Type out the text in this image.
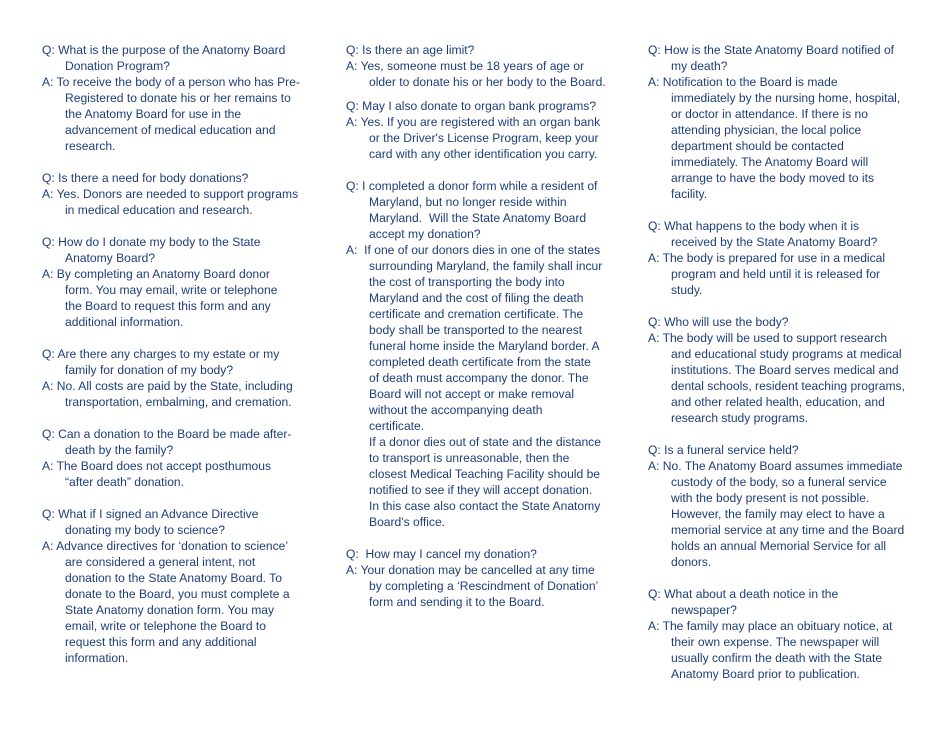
Q: What is the purpose of the Anatomy Board
Donation Program?
A: To receive the body of a person who has Pre-
Registered to donate his or her remains to
the Anatomy Board for use in the
advancement of medical education and
research.
Q: Is there a need for body donations?
A: Yes. Donors are needed to support programs
in medical education and research.
Q: How do I donate my body to the State
Anatomy Board?
A: By completing an Anatomy Board donor
form. You may email, write or telephone
the Board to request this form and any
additional information.
Q: Are there any charges to my estate or my
family for donation of my body?
A: No. All costs are paid by the State, including
transportation, embalming, and cremation.
Q: Can a donation to the Board be made after-
death by the family?
A: The Board does not accept posthumous
“after death” donation.
Q: What if I signed an Advance Directive
donating my body to science?
A: Advance directives for ‘donation to science’
are considered a general intent, not
donation to the State Anatomy Board. To
donate to the Board, you must complete a
State Anatomy donation form. You may
email, write or telephone the Board to
request this form and any additional
information.
Q: Is there an age limit?
A: Yes, someone must be 18 years of age or
older to donate his or her body to the Board.
Q: May I also donate to organ bank programs?
A: Yes. If you are registered with an organ bank
or the Driver's License Program, keep your
card with any other identification you carry.
Q: I completed a donor form while a resident of
Maryland, but no longer reside within
Maryland.  Will the State Anatomy Board
accept my donation?
A:  If one of our donors dies in one of the states
surrounding Maryland, the family shall incur
the cost of transporting the body into
Maryland and the cost of filing the death
certificate and cremation certificate. The
body shall be transported to the nearest
funeral home inside the Maryland border. A
completed death certificate from the state
of death must accompany the donor. The
Board will not accept or make removal
without the accompanying death
certificate.
If a donor dies out of state and the distance
to transport is unreasonable, then the
closest Medical Teaching Facility should be
notified to see if they will accept donation.
In this case also contact the State Anatomy
Board's office.
Q:  How may I cancel my donation?
A: Your donation may be cancelled at any time
by completing a ‘Rescindment of Donation’
form and sending it to the Board.
Q: How is the State Anatomy Board notified of
my death?
A: Notification to the Board is made
immediately by the nursing home, hospital,
or doctor in attendance. If there is no
attending physician, the local police
department should be contacted
immediately. The Anatomy Board will
arrange to have the body moved to its
facility.
Q: What happens to the body when it is
received by the State Anatomy Board?
A: The body is prepared for use in a medical
program and held until it is released for
study.
Q: Who will use the body?
A: The body will be used to support research
and educational study programs at medical
institutions. The Board serves medical and
dental schools, resident teaching programs,
and other related health, education, and
research study programs.
Q: Is a funeral service held?
A: No. The Anatomy Board assumes immediate
custody of the body, so a funeral service
with the body present is not possible.
However, the family may elect to have a
memorial service at any time and the Board
holds an annual Memorial Service for all
donors.
Q: What about a death notice in the
newspaper?
A: The family may place an obituary notice, at
their own expense. The newspaper will
usually confirm the death with the State
Anatomy Board prior to publication.
